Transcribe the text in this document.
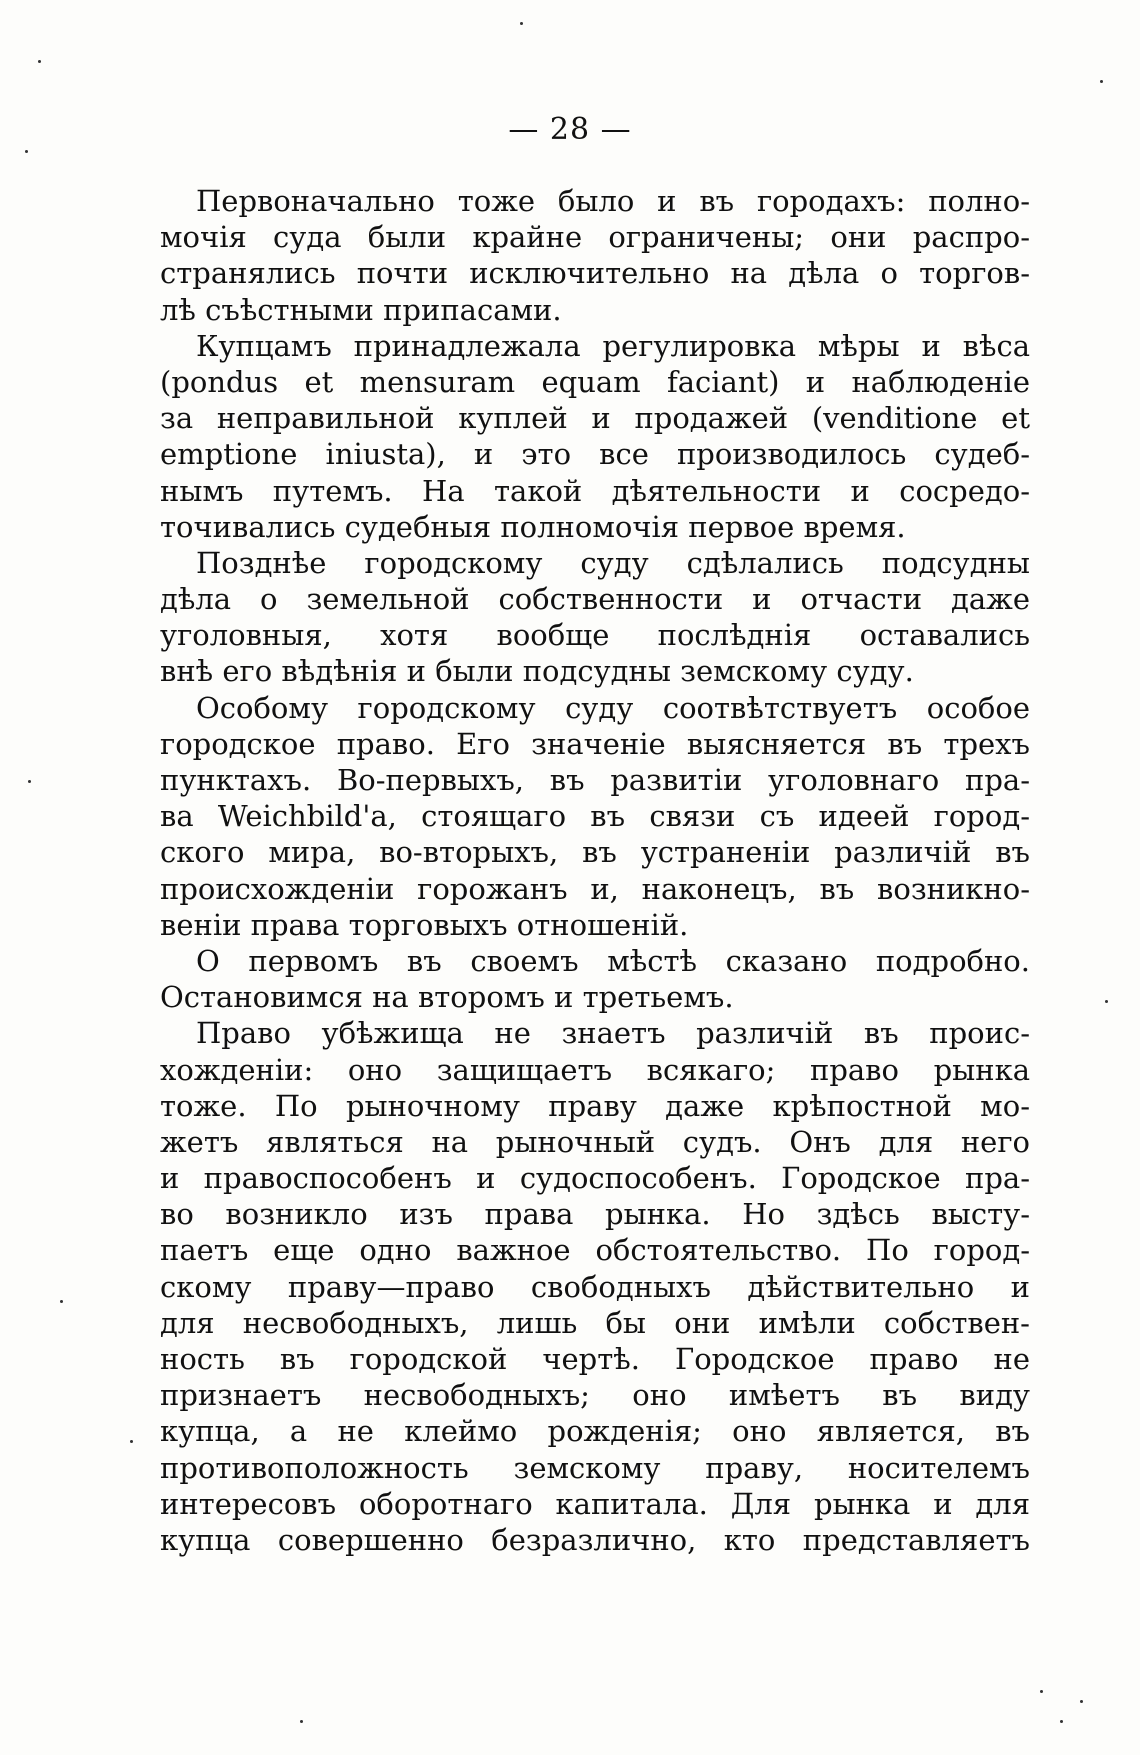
— 28 —
Первоначально тоже было и въ городахъ: полно-
мочія суда были крайне ограничены; они распро-
странялись почти исключительно на дѣла о торгов-
лѣ съѣстными припасами.
Купцамъ принадлежала регулировка мѣры и вѣса
(pondus et mensuram equam faciant) и наблюденіе
за неправильной куплей и продажей (venditione et
emptione iniusta), и это все производилось судеб-
нымъ путемъ. На такой дѣятельности и сосредо-
точивались судебныя полномочія первое время.
Позднѣе городскому суду сдѣлались подсудны
дѣла о земельной собственности и отчасти даже
уголовныя, хотя вообще послѣднія оставались
внѣ его вѣдѣнія и были подсудны земскому суду.
Особому городскому суду соотвѣтствуетъ особое
городское право. Его значеніе выясняется въ трехъ
пунктахъ. Во-первыхъ, въ развитіи уголовнаго пра-
ва Weichbild'a, стоящаго въ связи съ идеей город-
ского мира, во-вторыхъ, въ устраненіи различій въ
происхожденіи горожанъ и, наконецъ, въ возникно-
веніи права торговыхъ отношеній.
О первомъ въ своемъ мѣстѣ сказано подробно.
Остановимся на второмъ и третьемъ.
Право убѣжища не знаетъ различій въ проис-
хожденіи: оно защищаетъ всякаго; право рынка
тоже. По рыночному праву даже крѣпостной мо-
жетъ являться на рыночный судъ. Онъ для него
и правоспособенъ и судоспособенъ. Городское пра-
во возникло изъ права рынка. Но здѣсь высту-
паетъ еще одно важное обстоятельство. По город-
скому праву—право свободныхъ дѣйствительно и
для несвободныхъ, лишь бы они имѣли собствен-
ность въ городской чертѣ. Городское право не
признаетъ несвободныхъ; оно имѣетъ въ виду
купца, а не клеймо рожденія; оно является, въ
противоположность земскому праву, носителемъ
интересовъ оборотнаго капитала. Для рынка и для
купца совершенно безразлично, кто представляетъ
